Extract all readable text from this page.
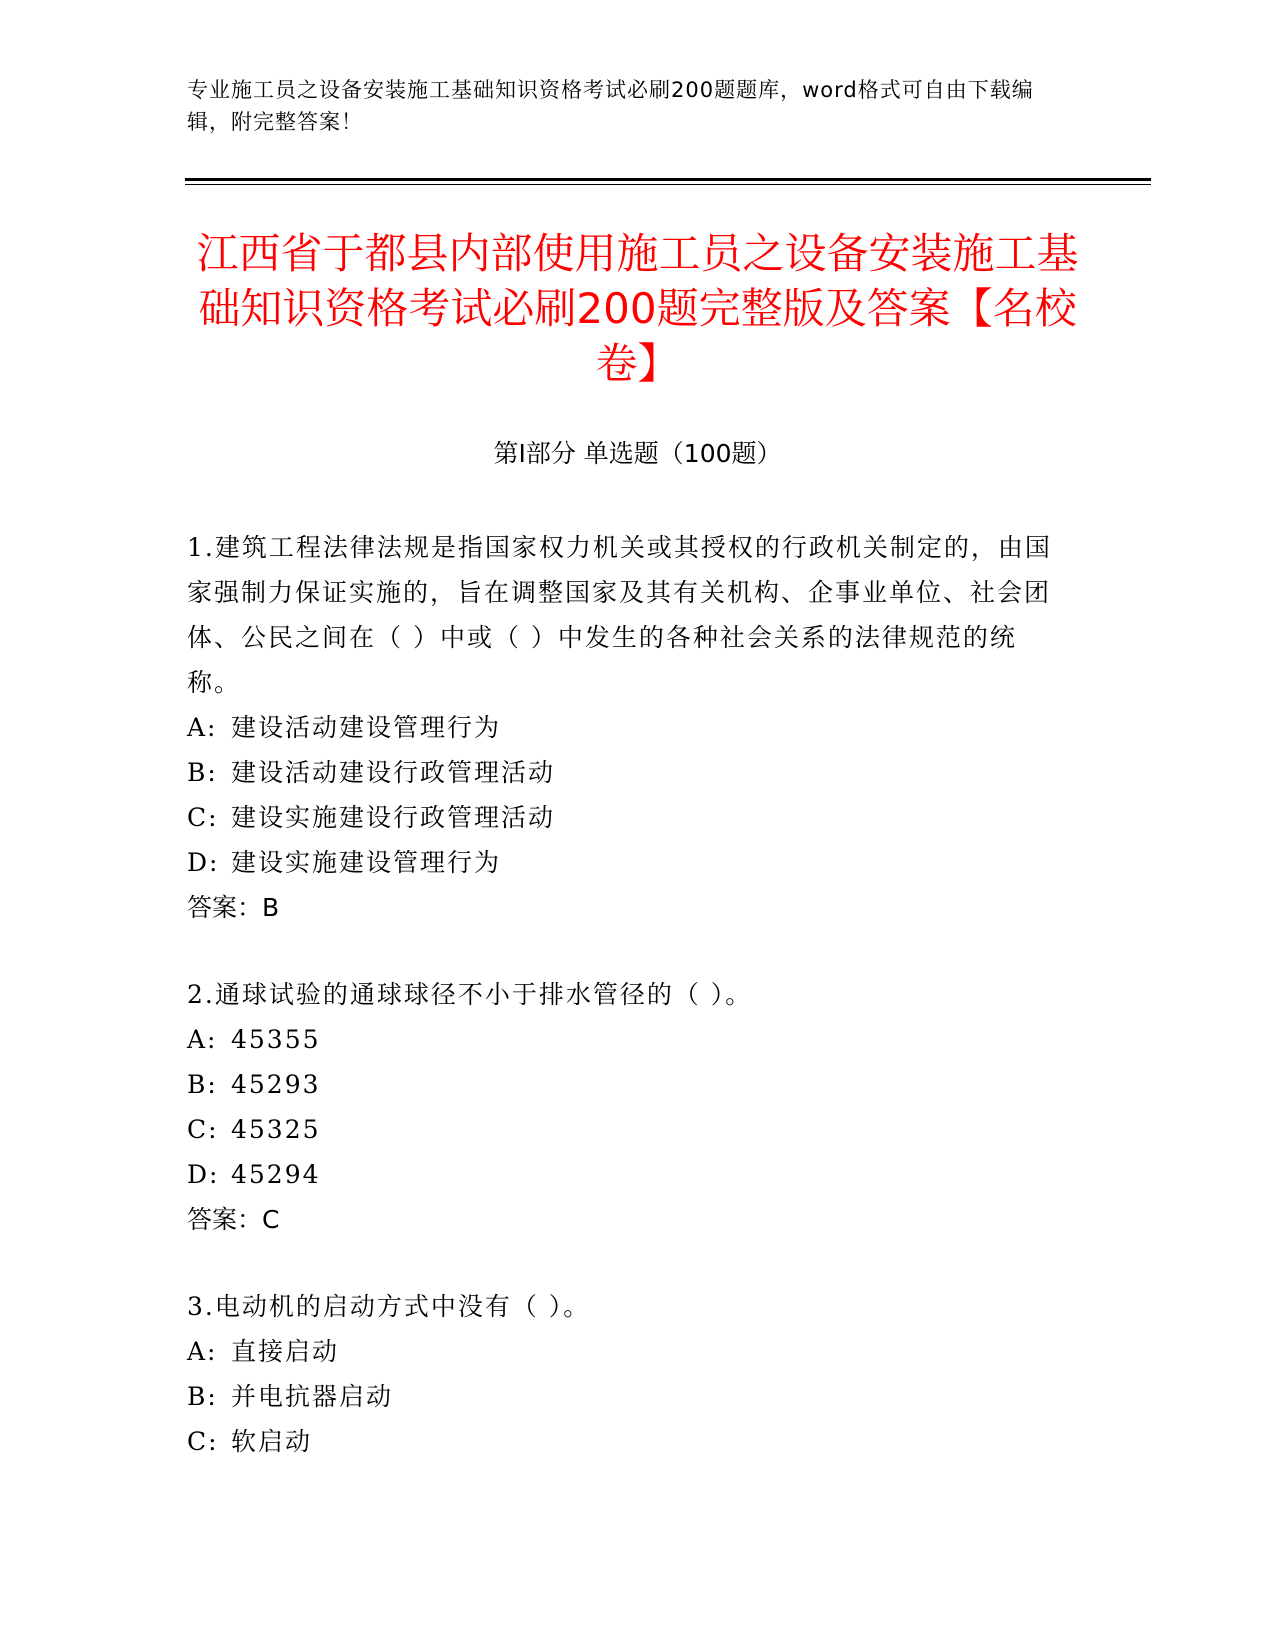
专业施工员之设备安装施工基础知识资格考试必刷200题题库，word格式可自由下载编辑，附完整答案！
江西省于都县内部使用施工员之设备安装施工基础知识资格考试必刷200题完整版及答案【名校卷】
第Ⅰ部分 单选题（100题）
1.建筑工程法律法规是指国家权力机关或其授权的行政机关制定的，由国家强制力保证实施的，旨在调整国家及其有关机构、企事业单位、社会团体、公民之间在（ ）中或（ ）中发生的各种社会关系的法律规范的统称。
A: 建设活动建设管理行为
B: 建设活动建设行政管理活动
C: 建设实施建设行政管理活动
D: 建设实施建设管理行为
答案：B
2.通球试验的通球球径不小于排水管径的（ ）。
A: 45355
B: 45293
C: 45325
D: 45294
答案：C
3.电动机的启动方式中没有（ ）。
A: 直接启动
B: 并电抗器启动
C: 软启动
